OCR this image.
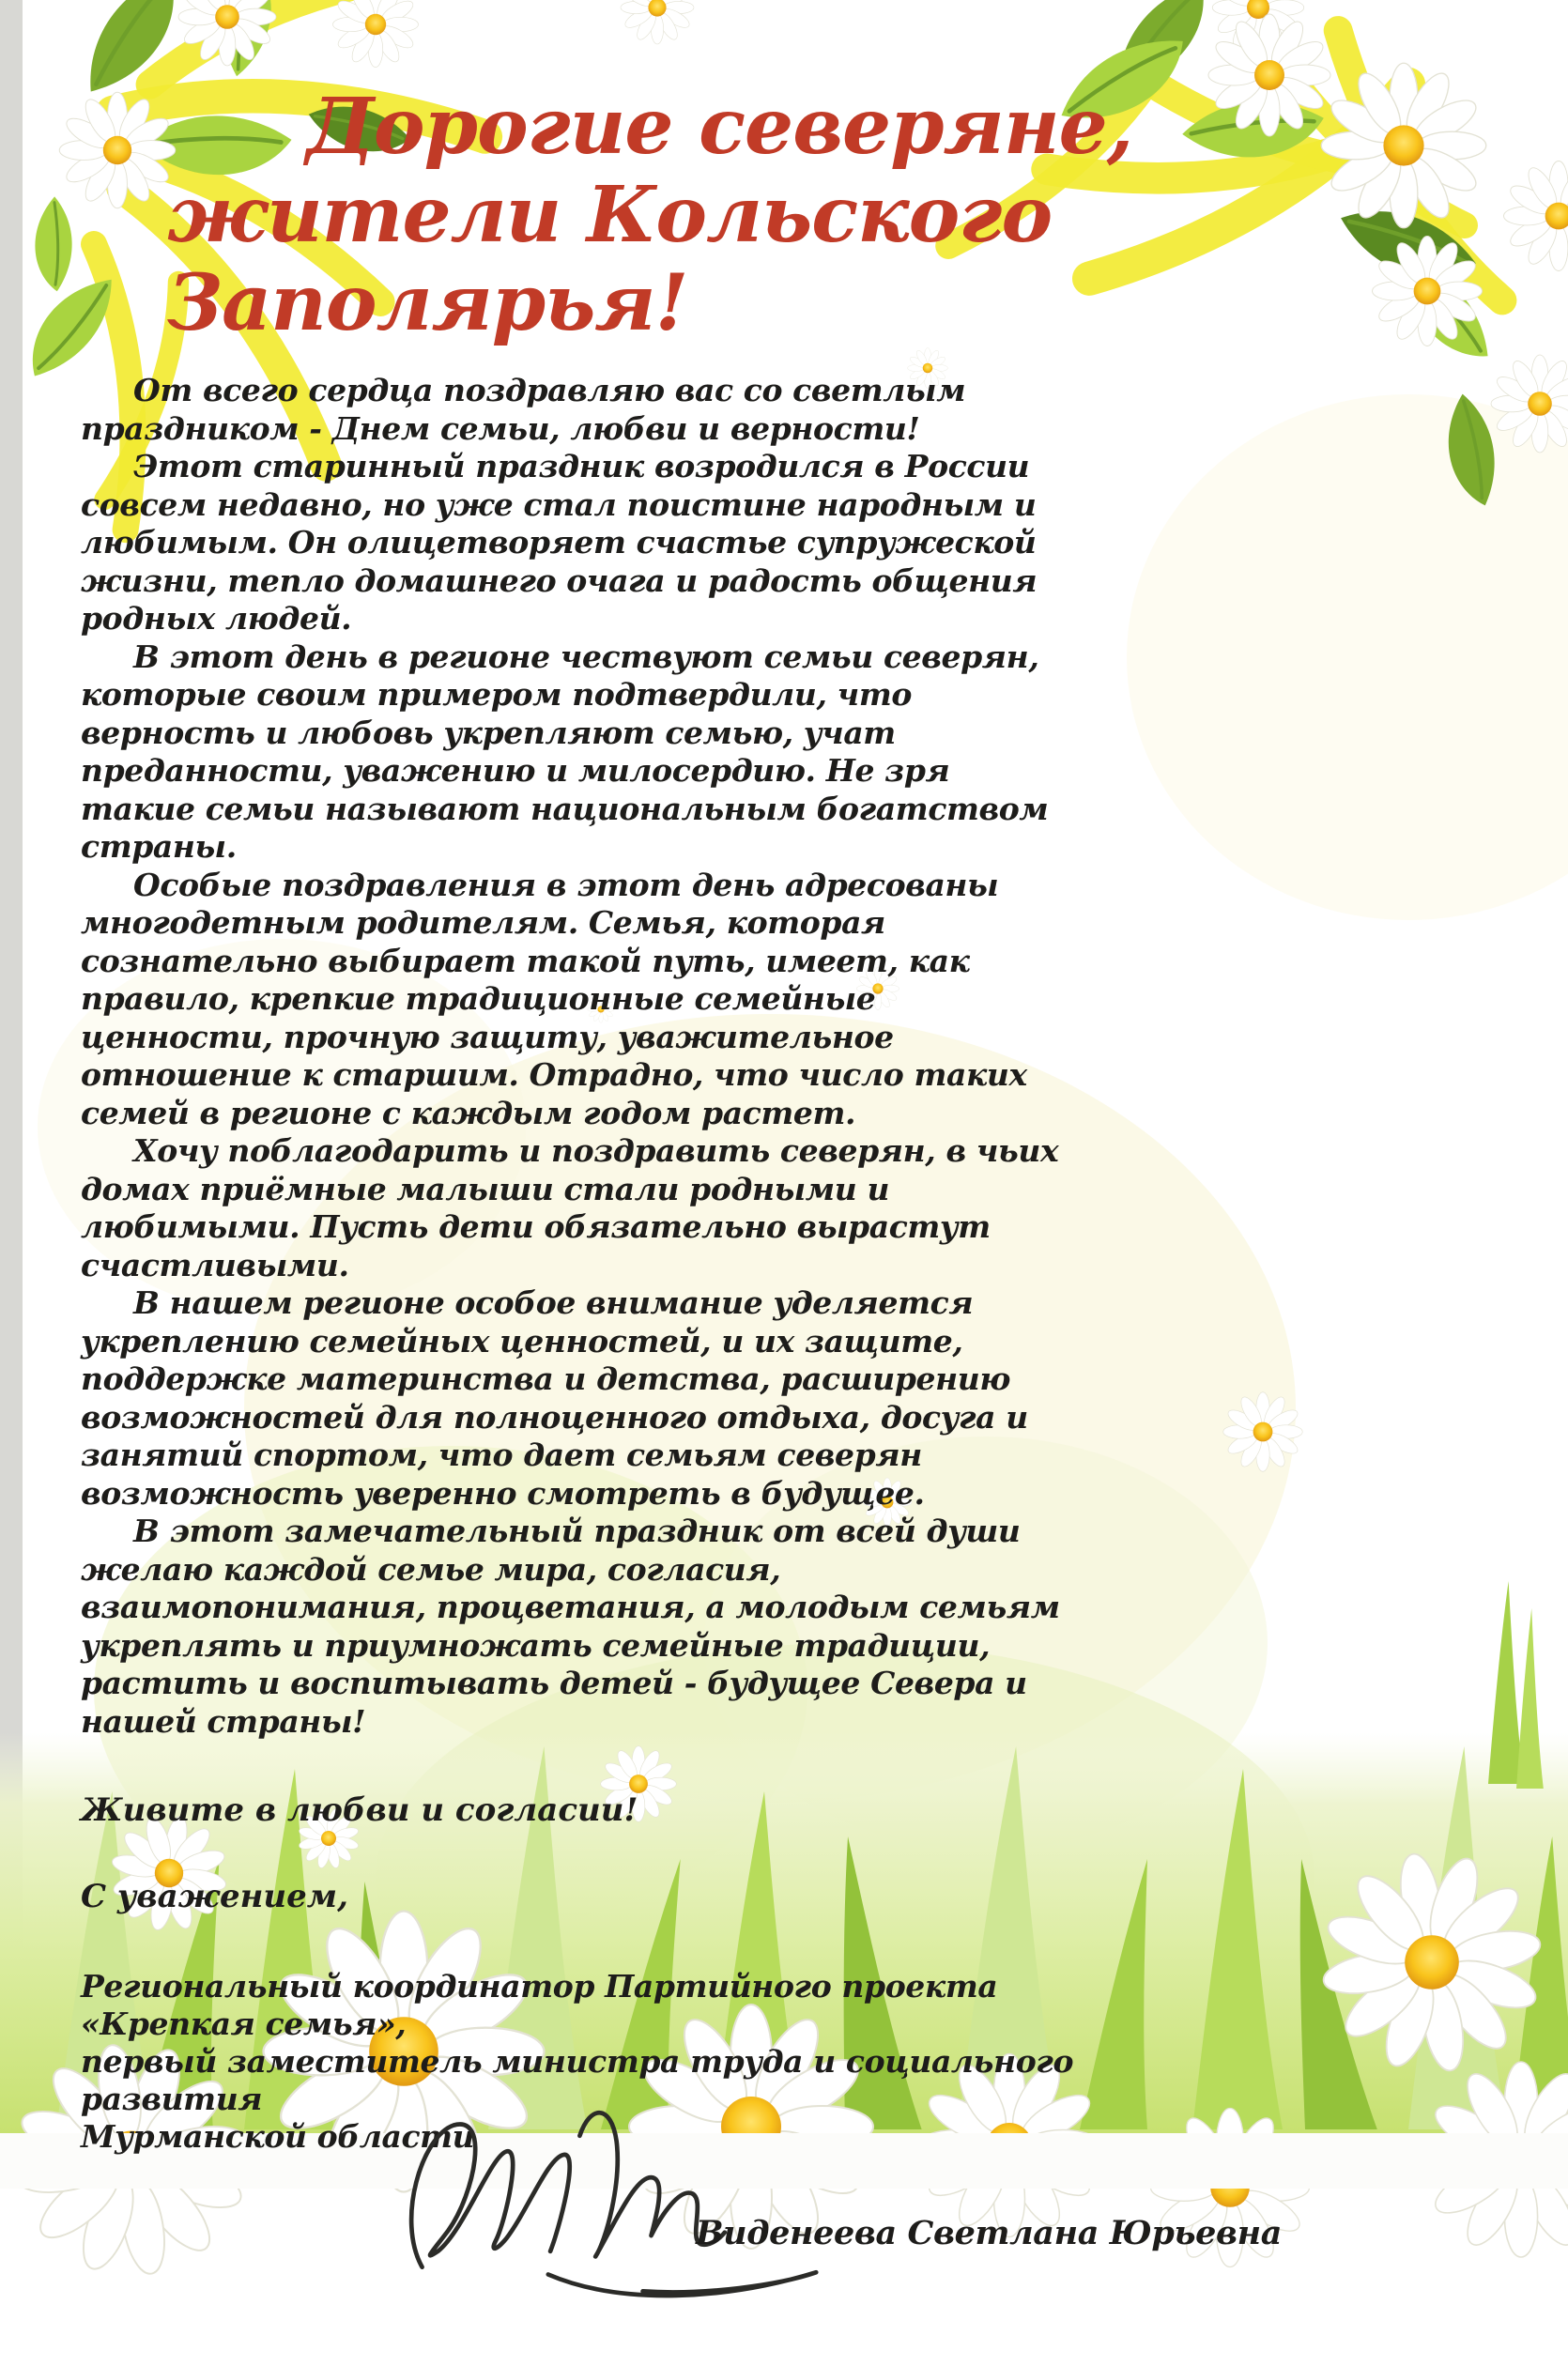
Дорогие северяне,
жители Кольского Заполярья!

От всего сердца поздравляю вас со светлым праздником - Днем семьи, любви и верности!

Этот старинный праздник возродился в России совсем недавно, но уже стал поистине народным и любимым. Он олицетворяет счастье супружеской жизни, тепло домашнего очага и радость общения родных людей.

В этот день в регионе чествуют семьи северян, которые своим примером подтвердили, что верность и любовь укрепляют семью, учат преданности, уважению и милосердию. Не зря такие семьи называют национальным богатством страны.

Особые поздравления в этот день адресованы многодетным родителям. Семья, которая сознательно выбирает такой путь, имеет, как правило, крепкие традиционные семейные ценности, прочную защиту, уважительное отношение к старшим. Отрадно, что число таких семей в регионе с каждым годом растет.

Хочу поблагодарить и поздравить северян, в чьих домах приёмные малыши стали родными и любимыми. Пусть дети обязательно вырастут счастливыми.

В нашем регионе особое внимание уделяется укреплению семейных ценностей, и их защите, поддержке материнства и детства, расширению возможностей для полноценного отдыха, досуга и занятий спортом, что дает семьям северян возможность уверенно смотреть в будущее.

В этот замечательный праздник от всей души желаю каждой семье мира, согласия, взаимопонимания, процветания, а молодым семьям укреплять и приумножать семейные традиции, растить и воспитывать детей - будущее Севера и нашей страны!

Живите в любви и согласии!

С уважением,

Региональный координатор Партийного проекта «Крепкая семья»,
первый заместитель министра труда и социального развития
Мурманской области
Виденеева Светлана Юрьевна
